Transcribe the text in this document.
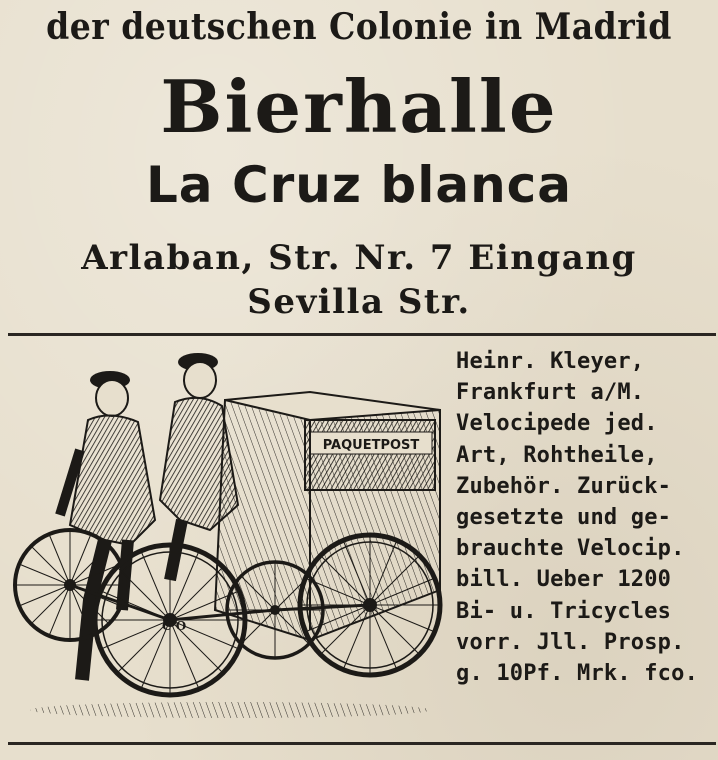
der deutschen Colonie in Madrid
Bierhalle
La Cruz blanca
Arlaban, Str. Nr. 7 Eingang
Sevilla Str.
PAQUETPOST
C O
Heinr. Kleyer,
Frankfurt a/M.
Velocipede jed.
Art, Rohtheile,
Zubehör. Zurück-
gesetzte und ge-
brauchte Velocip.
bill. Ueber 1200
Bi- u. Tricycles
vorr. Jll. Prosp.
g. 10Pf. Mrk. fco.
